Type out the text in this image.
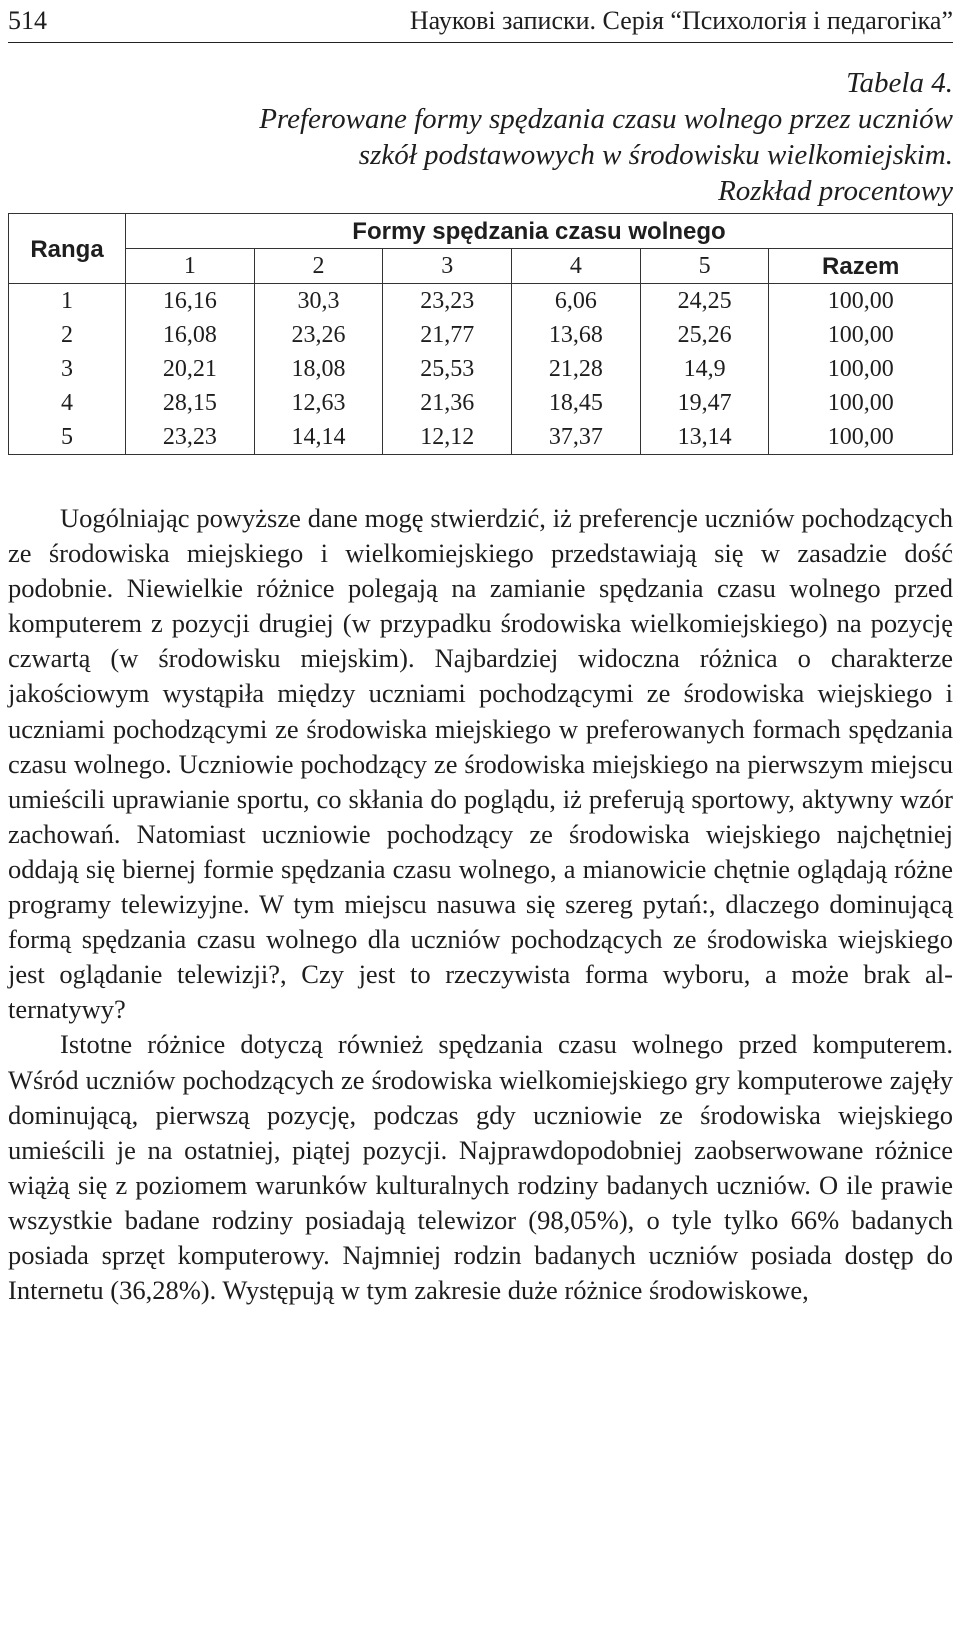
514	Наукові записки. Серія “Психологія і педагогіка”
Tabela 4.
Preferowane formy spędzania czasu wolnego przez uczniów
szkół podstawowych w środowisku wielkomiejskim.
Rozkład procentowy
Ranga	Formy spędzania czasu wolnego					
	1	2	3	4	5	Razem
1	16,16	30,3	23,23	6,06	24,25	100,00
2	16,08	23,26	21,77	13,68	25,26	100,00
3	20,21	18,08	25,53	21,28	14,9	100,00
4	28,15	12,63	21,36	18,45	19,47	100,00
5	23,23	14,14	12,12	37,37	13,14	100,00

Uogólniając powyższe dane mogę stwierdzić, iż preferencje uczniów pochodzących ze środowiska miejskiego i wielkomiejskiego przedstawiają się w zasadzie dość podobnie. Niewielkie różnice polegają na zamianie spędzania czasu wolnego przed komputerem z pozycji drugiej (w przypadku środowiska wielkomiejskiego) na pozycję czwartą (w środowisku miejskim). Najbardziej widoczna różnica o charakterze jakościowym wystąpiła między uczniami pochodzącymi ze środowiska wiejskiego i uczniami pochodzącymi ze środowiska miejskiego w preferowanych formach spędzania czasu wolnego. Uczniowie pochodzący ze środowiska miejskiego na pierwszym miejscu umieścili uprawianie sportu, co skłania do poglądu, iż preferują sportowy, aktywny wzór zachowań. Natomiast uczniowie pochodzący ze środowiska wiejskiego najchętniej oddają się biernej formie spędzania czasu wolnego, a mianowicie chętnie oglądają różne programy telewizyjne. W tym miejscu nasuwa się szereg pytań:, dlaczego dominującą formą spędzania czasu wolnego dla uczniów pochodzących ze środowiska wiejskiego jest oglądanie telewizji?, Czy jest to rzeczywista forma wyboru, a może brak alternatywy?

Istotne różnice dotyczą również spędzania czasu wolnego przed komputerem. Wśród uczniów pochodzących ze środowiska wielkomiejskiego gry komputerowe zajęły dominującą, pierwszą pozycję, podczas gdy uczniowie ze środowiska wiejskiego umieścili je na ostatniej, piątej pozycji. Najprawdopodobniej zaobserwowane różnice wiążą się z poziomem warunków kulturalnych rodziny badanych uczniów. O ile prawie wszystkie badane rodziny posiadają telewizor (98,05%), o tyle tylko 66% badanych posiada sprzęt komputerowy. Najmniej rodzin badanych uczniów posiada dostęp do Internetu (36,28%). Występują w tym zakresie duże różnice środowiskowe,
